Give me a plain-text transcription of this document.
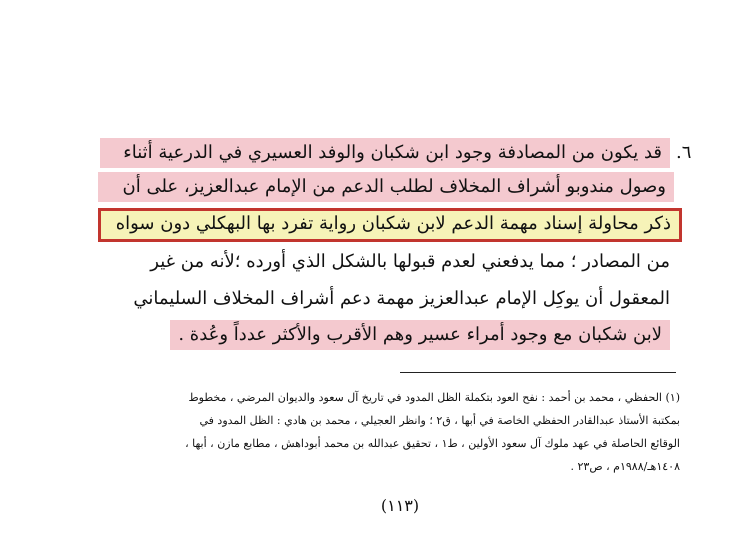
٦.
قد يكون من المصادفة وجود ابن شكبان والوفد العسيري في الدرعية أثناء
وصول مندوبو أشراف المخلاف لطلب الدعم من الإمام عبدالعزيز، على أن
ذكر محاولة إسناد مهمة الدعم لابن شكبان رواية تفرد بها البهكلي دون سواه
من المصادر ؛ مما يدفعني لعدم قبولها بالشكل الذي أورده ؛لأنه من غير
المعقول أن يوكِل الإمام عبدالعزيز مهمة دعم أشراف المخلاف السليماني
لابن شكبان مع وجود أمراء عسير وهم الأقرب والأكثر عدداً وعُدة .
(١) الحفظي ، محمد بن أحمد : نفح العود بتكملة الظل المدود في تاريخ آل سعود والديوان المرضي ، مخطوط
بمكتبة الأستاذ عبدالقادر الحفظي الخاصة في أبها ، ق٢ ؛ وانظر العجيلي ، محمد بن هادي : الظل المدود في
الوقائع الحاصلة في عهد ملوك آل سعود الأولين ، ط١ ، تحقيق عبدالله بن محمد أبوداهش ، مطابع مازن ، أبها ،
١٤٠٨هـ/١٩٨٨م ، ص٢٣ .
(١١٣)
